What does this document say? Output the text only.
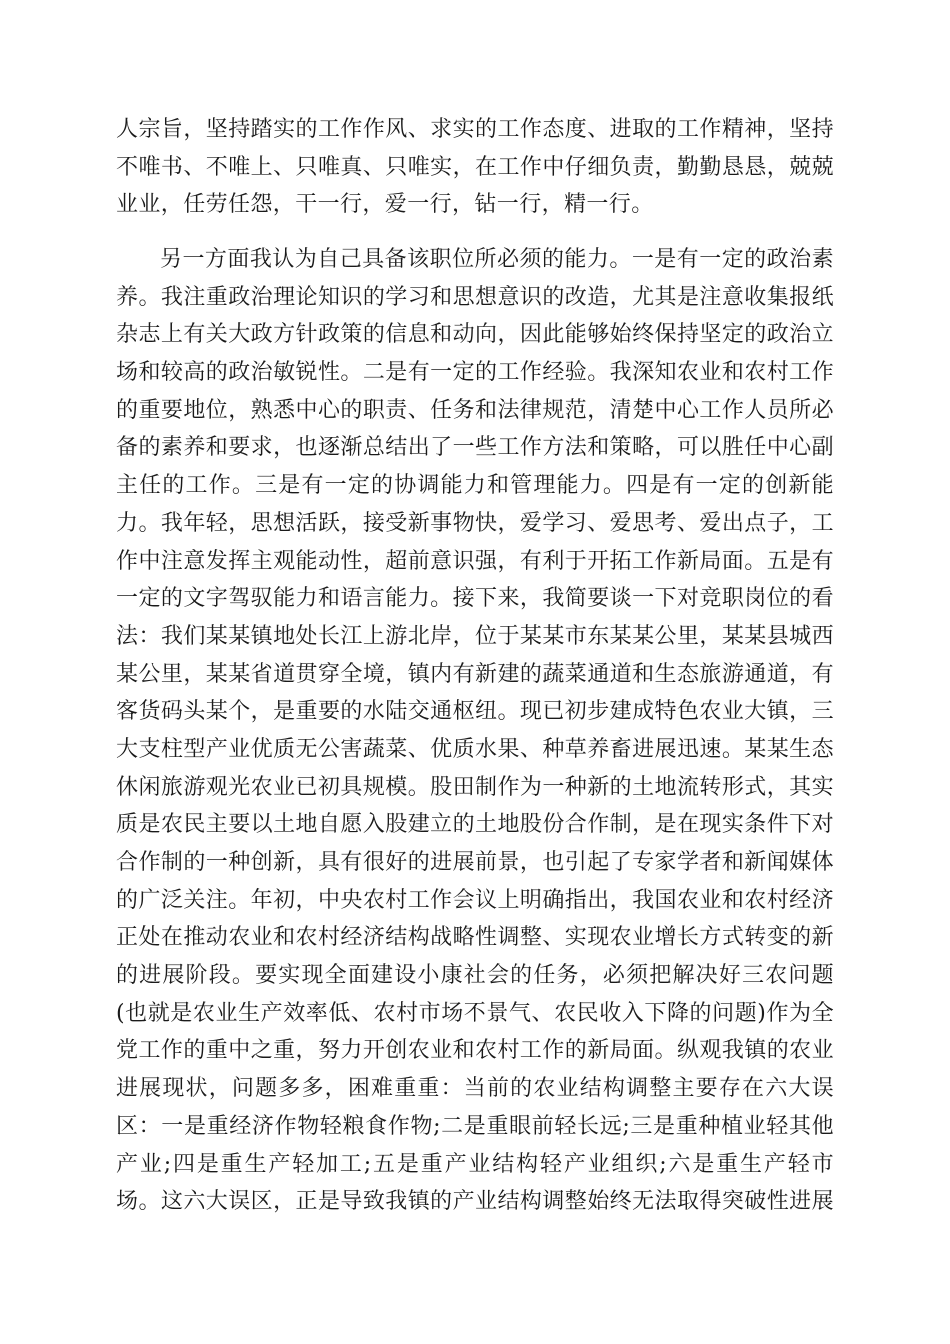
人宗旨，坚持踏实的工作作风、求实的工作态度、进取的工作精神，坚持
不唯书、不唯上、只唯真、只唯实，在工作中仔细负责，勤勤恳恳，兢兢
业业，任劳任怨，干一行，爱一行，钻一行，精一行。
另一方面我认为自己具备该职位所必须的能力。一是有一定的政治素
养。我注重政治理论知识的学习和思想意识的改造，尤其是注意收集报纸
杂志上有关大政方针政策的信息和动向，因此能够始终保持坚定的政治立
场和较高的政治敏锐性。二是有一定的工作经验。我深知农业和农村工作
的重要地位，熟悉中心的职责、任务和法律规范，清楚中心工作人员所必
备的素养和要求，也逐渐总结出了一些工作方法和策略，可以胜任中心副
主任的工作。三是有一定的协调能力和管理能力。四是有一定的创新能
力。我年轻，思想活跃，接受新事物快，爱学习、爱思考、爱出点子，工
作中注意发挥主观能动性，超前意识强，有利于开拓工作新局面。五是有
一定的文字驾驭能力和语言能力。接下来，我简要谈一下对竞职岗位的看
法：我们某某镇地处长江上游北岸，位于某某市东某某公里，某某县城西
某公里，某某省道贯穿全境，镇内有新建的蔬菜通道和生态旅游通道，有
客货码头某个，是重要的水陆交通枢纽。现已初步建成特色农业大镇，三
大支柱型产业优质无公害蔬菜、优质水果、种草养畜进展迅速。某某生态
休闲旅游观光农业已初具规模。股田制作为一种新的土地流转形式，其实
质是农民主要以土地自愿入股建立的土地股份合作制，是在现实条件下对
合作制的一种创新，具有很好的进展前景，也引起了专家学者和新闻媒体
的广泛关注。年初，中央农村工作会议上明确指出，我国农业和农村经济
正处在推动农业和农村经济结构战略性调整、实现农业增长方式转变的新
的进展阶段。要实现全面建设小康社会的任务，必须把解决好三农问题
(也就是农业生产效率低、农村市场不景气、农民收入下降的问题)作为全
党工作的重中之重，努力开创农业和农村工作的新局面。纵观我镇的农业
进展现状，问题多多，困难重重：当前的农业结构调整主要存在六大误
区：一是重经济作物轻粮食作物;二是重眼前轻长远;三是重种植业轻其他
产业;四是重生产轻加工;五是重产业结构轻产业组织;六是重生产轻市
场。这六大误区，正是导致我镇的产业结构调整始终无法取得突破性进展
